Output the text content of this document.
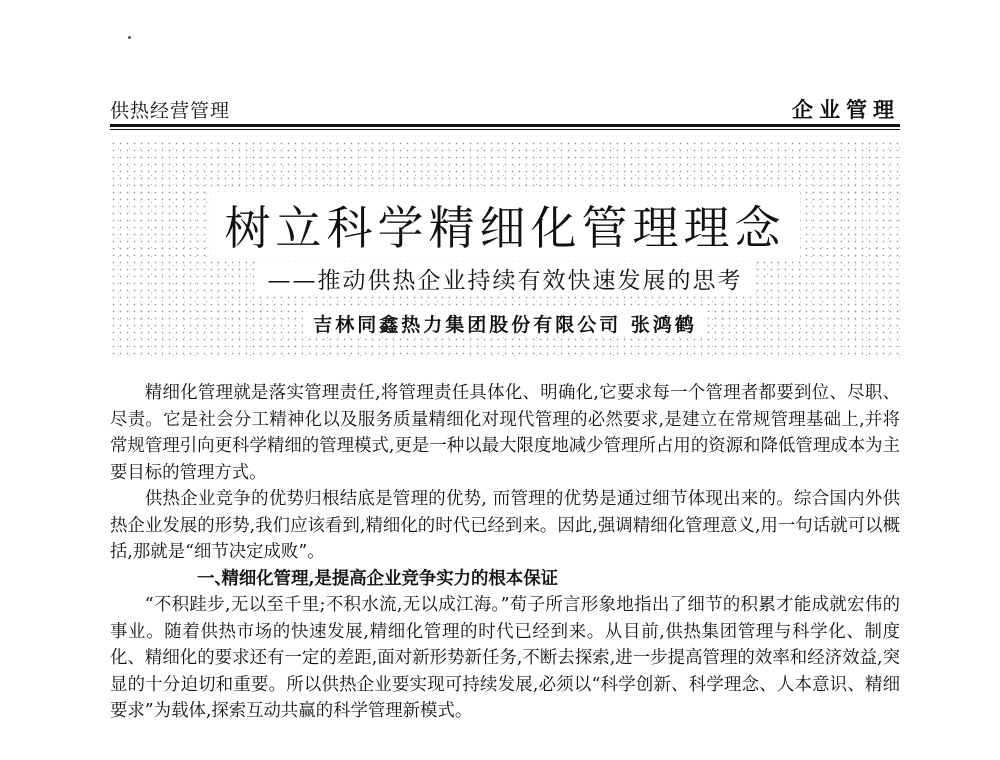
供热经营管理	企业管理
树立科学精细化管理理念
——推动供热企业持续有效快速发展的思考
吉林同鑫热力集团股份有限公司 张鸿鹤

精细化管理就是落实管理责任,将管理责任具体化、明确化,它要求每一个管理者都要到位、尽职、尽责。它是社会分工精神化以及服务质量精细化对现代管理的必然要求,是建立在常规管理基础上,并将常规管理引向更科学精细的管理模式,更是一种以最大限度地减少管理所占用的资源和降低管理成本为主要目标的管理方式。

供热企业竞争的优势归根结底是管理的优势, 而管理的优势是通过细节体现出来的。综合国内外供热企业发展的形势,我们应该看到,精细化的时代已经到来。因此,强调精细化管理意义,用一句话就可以概括,那就是“细节决定成败”。

一、精细化管理,是提高企业竞争实力的根本保证

“不积跬步,无以至千里;不积水流,无以成江海。”荀子所言形象地指出了细节的积累才能成就宏伟的事业。随着供热市场的快速发展,精细化管理的时代已经到来。从目前,供热集团管理与科学化、制度化、精细化的要求还有一定的差距,面对新形势新任务,不断去探索,进一步提高管理的效率和经济效益,突显的十分迫切和重要。所以供热企业要实现可持续发展,必须以“科学创新、科学理念、人本意识、精细要求”为载体,探索互动共赢的科学管理新模式。
